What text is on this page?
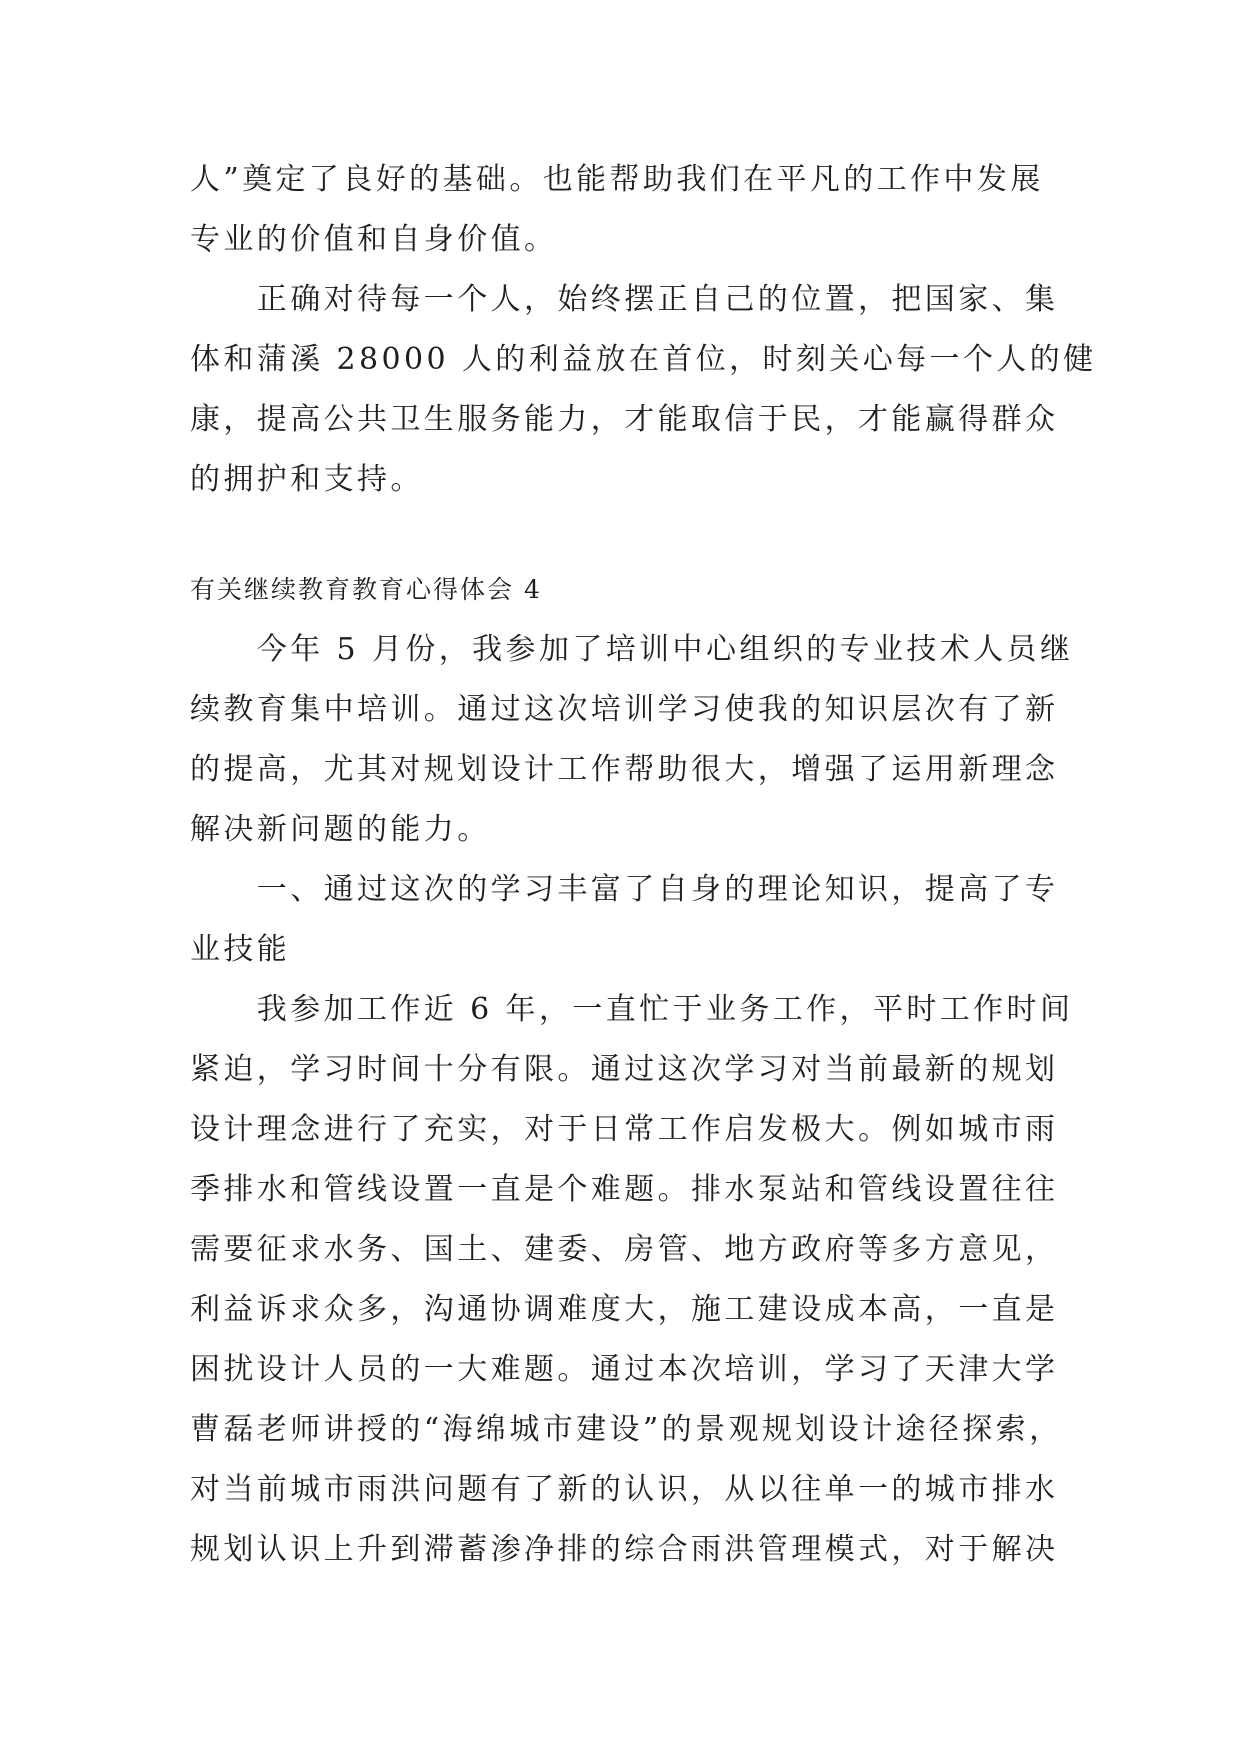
人”奠定了良好的基础。也能帮助我们在平凡的工作中发展
专业的价值和自身价值。
　　正确对待每一个人，始终摆正自己的位置，把国家、集
体和蒲溪 28000 人的利益放在首位，时刻关心每一个人的健
康，提高公共卫生服务能力，才能取信于民，才能赢得群众
的拥护和支持。
有关继续教育教育心得体会 4
　　今年 5 月份，我参加了培训中心组织的专业技术人员继
续教育集中培训。通过这次培训学习使我的知识层次有了新
的提高，尤其对规划设计工作帮助很大，增强了运用新理念
解决新问题的能力。
　　一、通过这次的学习丰富了自身的理论知识，提高了专
业技能
　　我参加工作近 6 年，一直忙于业务工作，平时工作时间
紧迫，学习时间十分有限。通过这次学习对当前最新的规划
设计理念进行了充实，对于日常工作启发极大。例如城市雨
季排水和管线设置一直是个难题。排水泵站和管线设置往往
需要征求水务、国土、建委、房管、地方政府等多方意见，
利益诉求众多，沟通协调难度大，施工建设成本高，一直是
困扰设计人员的一大难题。通过本次培训，学习了天津大学
曹磊老师讲授的“海绵城市建设”的景观规划设计途径探索，
对当前城市雨洪问题有了新的认识，从以往单一的城市排水
规划认识上升到滞蓄渗净排的综合雨洪管理模式，对于解决
